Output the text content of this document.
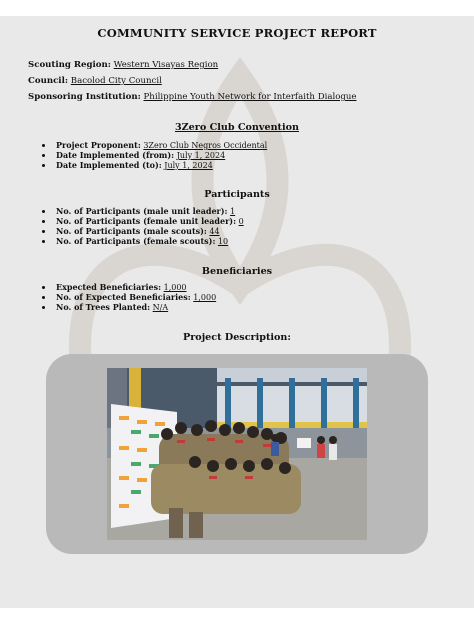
COMMUNITY SERVICE PROJECT REPORT
Scouting Region: Western Visayas Region
Council: Bacolod City Council
Sponsoring Institution: Philippine Youth Network for Interfaith Dialogue
3Zero Club Convention
Project Proponent: 3Zero Club Negros Occidental
Date Implemented (from): July 1, 2024
Date Implemented (to): July 1, 2024
Participants
No. of Participants (male unit leader): 1
No. of Participants (female unit leader): 0
No. of Participants (male scouts): 44
No. of Participants (female scouts): 10
Beneficiaries
Expected Beneficiaries: 1,000
No. of Expected Beneficiaries: 1,000
No. of Trees Planted: N/A
Project Description:
